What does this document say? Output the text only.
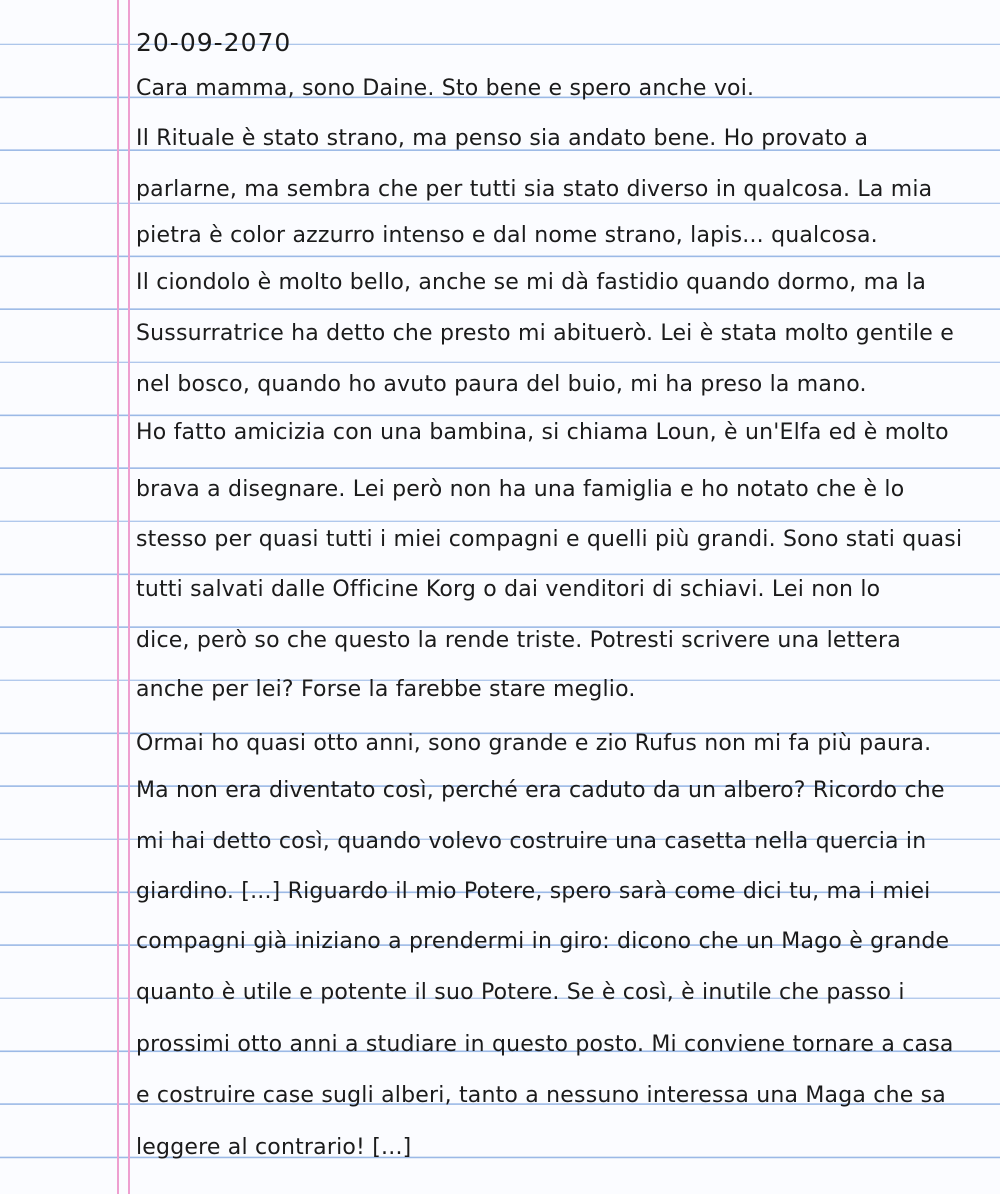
20-09-2070
Cara mamma, sono Daine. Sto bene e spero anche voi.
Il Rituale è stato strano, ma penso sia andato bene. Ho provato a
parlarne, ma sembra che per tutti sia stato diverso in qualcosa. La mia
pietra è color azzurro intenso e dal nome strano, lapis... qualcosa.
Il ciondolo è molto bello, anche se mi dà fastidio quando dormo, ma la
Sussurratrice ha detto che presto mi abituerò. Lei è stata molto gentile e
nel bosco, quando ho avuto paura del buio, mi ha preso la mano.
Ho fatto amicizia con una bambina, si chiama Loun, è un'Elfa ed è molto
brava a disegnare. Lei però non ha una famiglia e ho notato che è lo
stesso per quasi tutti i miei compagni e quelli più grandi. Sono stati quasi
tutti salvati dalle Officine Korg o dai venditori di schiavi. Lei non lo
dice, però so che questo la rende triste. Potresti scrivere una lettera
anche per lei? Forse la farebbe stare meglio.
Ormai ho quasi otto anni, sono grande e zio Rufus non mi fa più paura.
Ma non era diventato così, perché era caduto da un albero? Ricordo che
mi hai detto così, quando volevo costruire una casetta nella quercia in
giardino. [...] Riguardo il mio Potere, spero sarà come dici tu, ma i miei
compagni già iniziano a prendermi in giro: dicono che un Mago è grande
quanto è utile e potente il suo Potere. Se è così, è inutile che passo i
prossimi otto anni a studiare in questo posto. Mi conviene tornare a casa
e costruire case sugli alberi, tanto a nessuno interessa una Maga che sa
leggere al contrario! [...]
